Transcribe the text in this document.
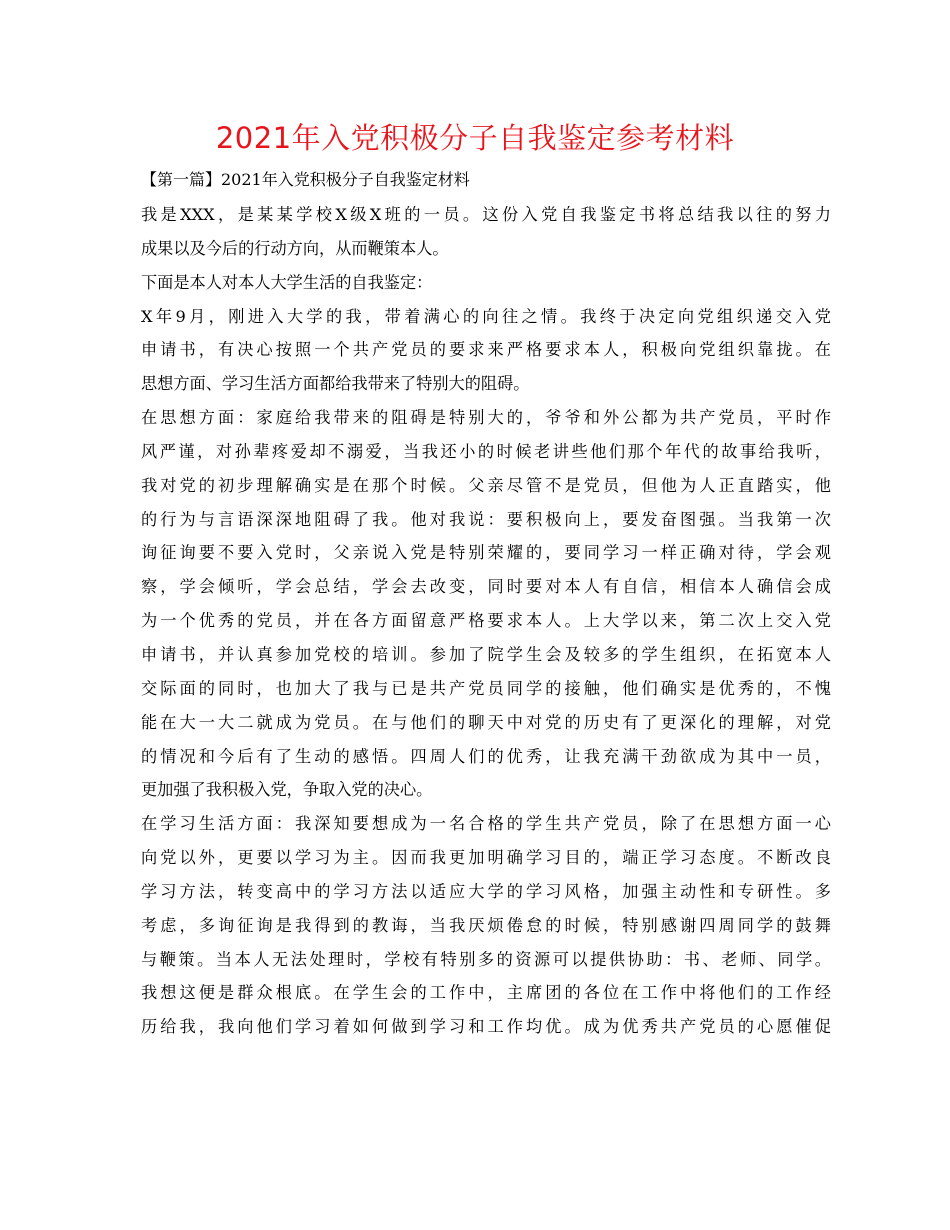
2021年入党积极分子自我鉴定参考材料
【第一篇】2021年入党积极分子自我鉴定材料
我是XXX，是某某学校X级X班的一员。这份入党自我鉴定书将总结我以往的努力
成果以及今后的行动方向，从而鞭策本人。
下面是本人对本人大学生活的自我鉴定：
X年9月，刚进入大学的我，带着满心的向往之情。我终于决定向党组织递交入党
申请书，有决心按照一个共产党员的要求来严格要求本人，积极向党组织靠拢。在
思想方面、学习生活方面都给我带来了特别大的阻碍。
在思想方面：家庭给我带来的阻碍是特别大的，爷爷和外公都为共产党员，平时作
风严谨，对孙辈疼爱却不溺爱，当我还小的时候老讲些他们那个年代的故事给我听，
我对党的初步理解确实是在那个时候。父亲尽管不是党员，但他为人正直踏实，他
的行为与言语深深地阻碍了我。他对我说：要积极向上，要发奋图强。当我第一次
询征询要不要入党时，父亲说入党是特别荣耀的，要同学习一样正确对待，学会观
察，学会倾听，学会总结，学会去改变，同时要对本人有自信，相信本人确信会成
为一个优秀的党员，并在各方面留意严格要求本人。上大学以来，第二次上交入党
申请书，并认真参加党校的培训。参加了院学生会及较多的学生组织，在拓宽本人
交际面的同时，也加大了我与已是共产党员同学的接触，他们确实是优秀的，不愧
能在大一大二就成为党员。在与他们的聊天中对党的历史有了更深化的理解，对党
的情况和今后有了生动的感悟。四周人们的优秀，让我充满干劲欲成为其中一员，
更加强了我积极入党，争取入党的决心。
在学习生活方面：我深知要想成为一名合格的学生共产党员，除了在思想方面一心
向党以外，更要以学习为主。因而我更加明确学习目的，端正学习态度。不断改良
学习方法，转变高中的学习方法以适应大学的学习风格，加强主动性和专研性。多
考虑，多询征询是我得到的教诲，当我厌烦倦怠的时候，特别感谢四周同学的鼓舞
与鞭策。当本人无法处理时，学校有特别多的资源可以提供协助：书、老师、同学。
我想这便是群众根底。在学生会的工作中，主席团的各位在工作中将他们的工作经
历给我，我向他们学习着如何做到学习和工作均优。成为优秀共产党员的心愿催促
